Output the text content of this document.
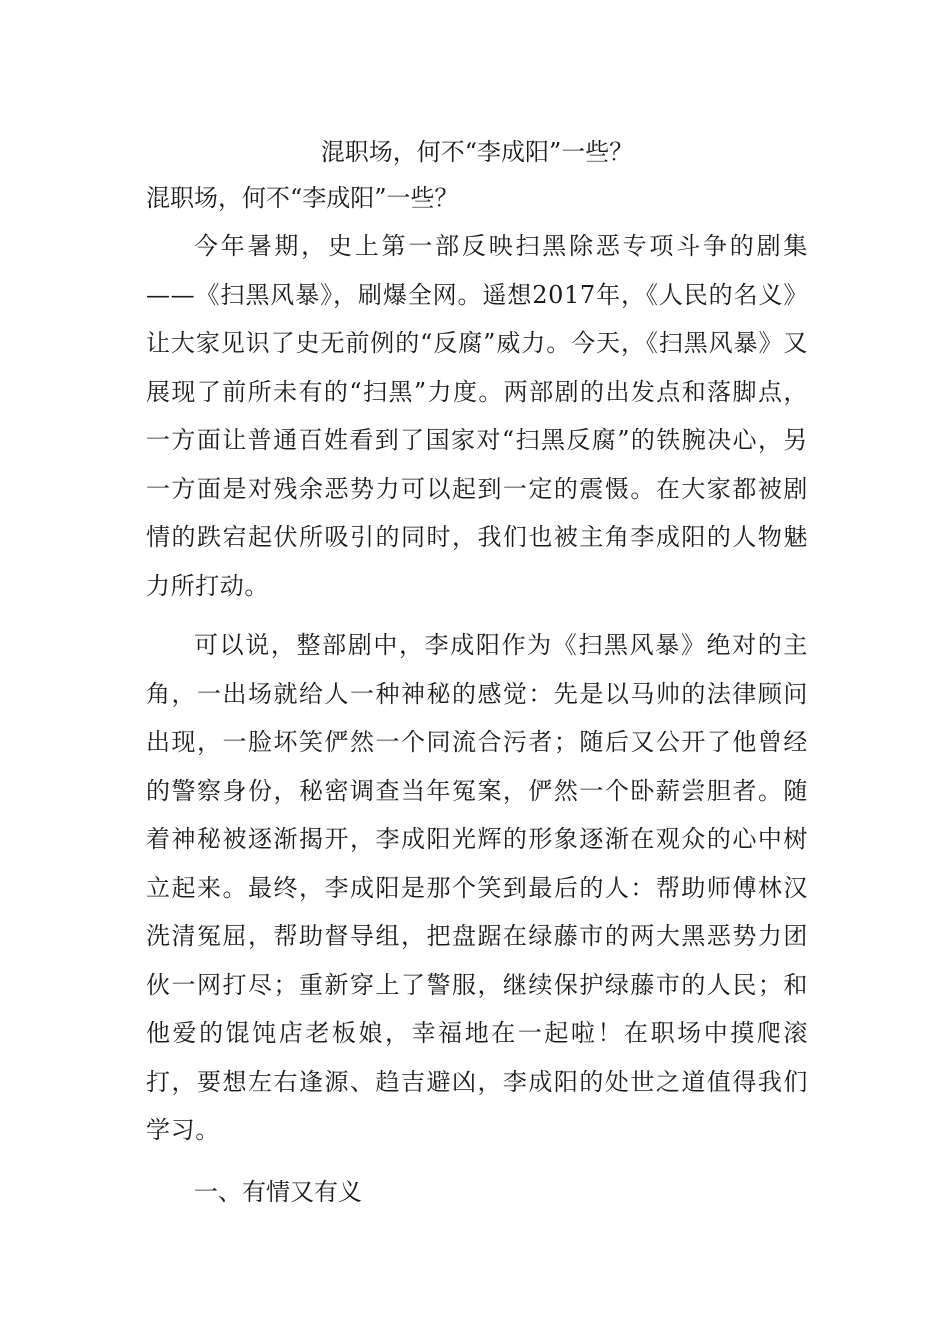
混职场，何不“李成阳”一些？
混职场，何不“李成阳”一些？

今年暑期，史上第一部反映扫黑除恶专项斗争的剧集——《扫黑风暴》，刷爆全网。遥想2017年，《人民的名义》让大家见识了史无前例的“反腐”威力。今天，《扫黑风暴》又展现了前所未有的“扫黑”力度。两部剧的出发点和落脚点，一方面让普通百姓看到了国家对“扫黑反腐”的铁腕决心，另一方面是对残余恶势力可以起到一定的震慑。在大家都被剧情的跌宕起伏所吸引的同时，我们也被主角李成阳的人物魅力所打动。

可以说，整部剧中，李成阳作为《扫黑风暴》绝对的主角，一出场就给人一种神秘的感觉：先是以马帅的法律顾问出现，一脸坏笑俨然一个同流合污者；随后又公开了他曾经的警察身份，秘密调查当年冤案，俨然一个卧薪尝胆者。随着神秘被逐渐揭开，李成阳光辉的形象逐渐在观众的心中树立起来。最终，李成阳是那个笑到最后的人：帮助师傅林汉洗清冤屈，帮助督导组，把盘踞在绿藤市的两大黑恶势力团伙一网打尽；重新穿上了警服，继续保护绿藤市的人民；和他爱的馄饨店老板娘，幸福地在一起啦！在职场中摸爬滚打，要想左右逢源、趋吉避凶，李成阳的处世之道值得我们学习。

一、有情又有义
